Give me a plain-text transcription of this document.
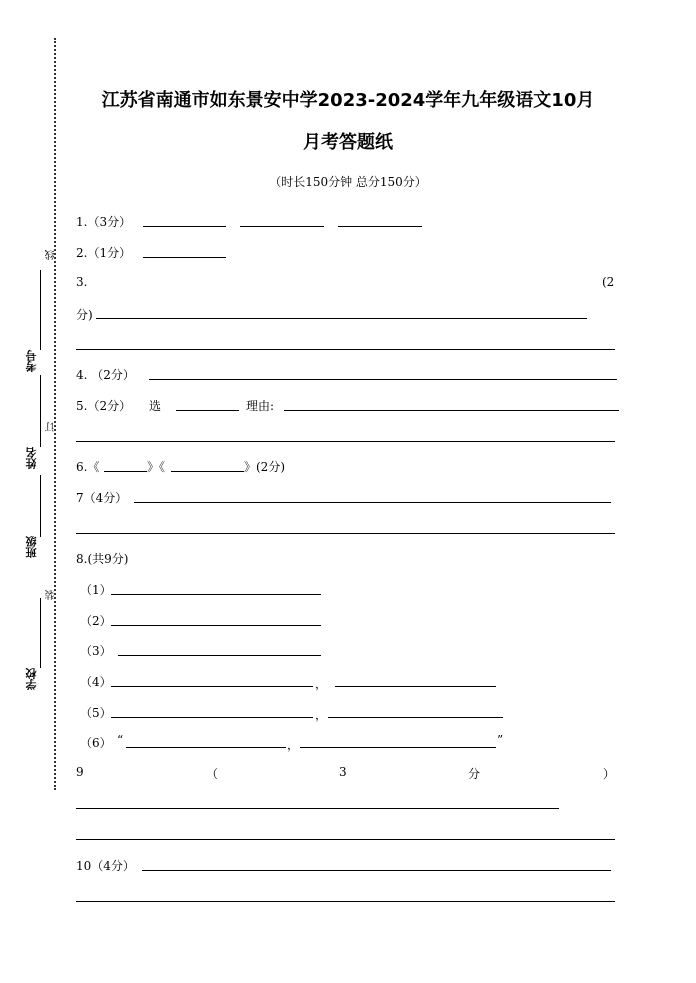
江苏省南通市如东景安中学2023-2024学年九年级语文10月
月考答题纸
（时长150分钟 总分150分）
线
考号
订
姓名
班级
装
学校
1.（3分）
2.（1分）
3.	(2
分)
4. （2分）
5.（2分） 选	理由:
6.《	》《	》(2分)
7（4分）
8.(共9分)
（1）
（2）
（3）
（4）	，
（5）	，
（6） “	，	”
9	（	3	分	）
10（4分）
